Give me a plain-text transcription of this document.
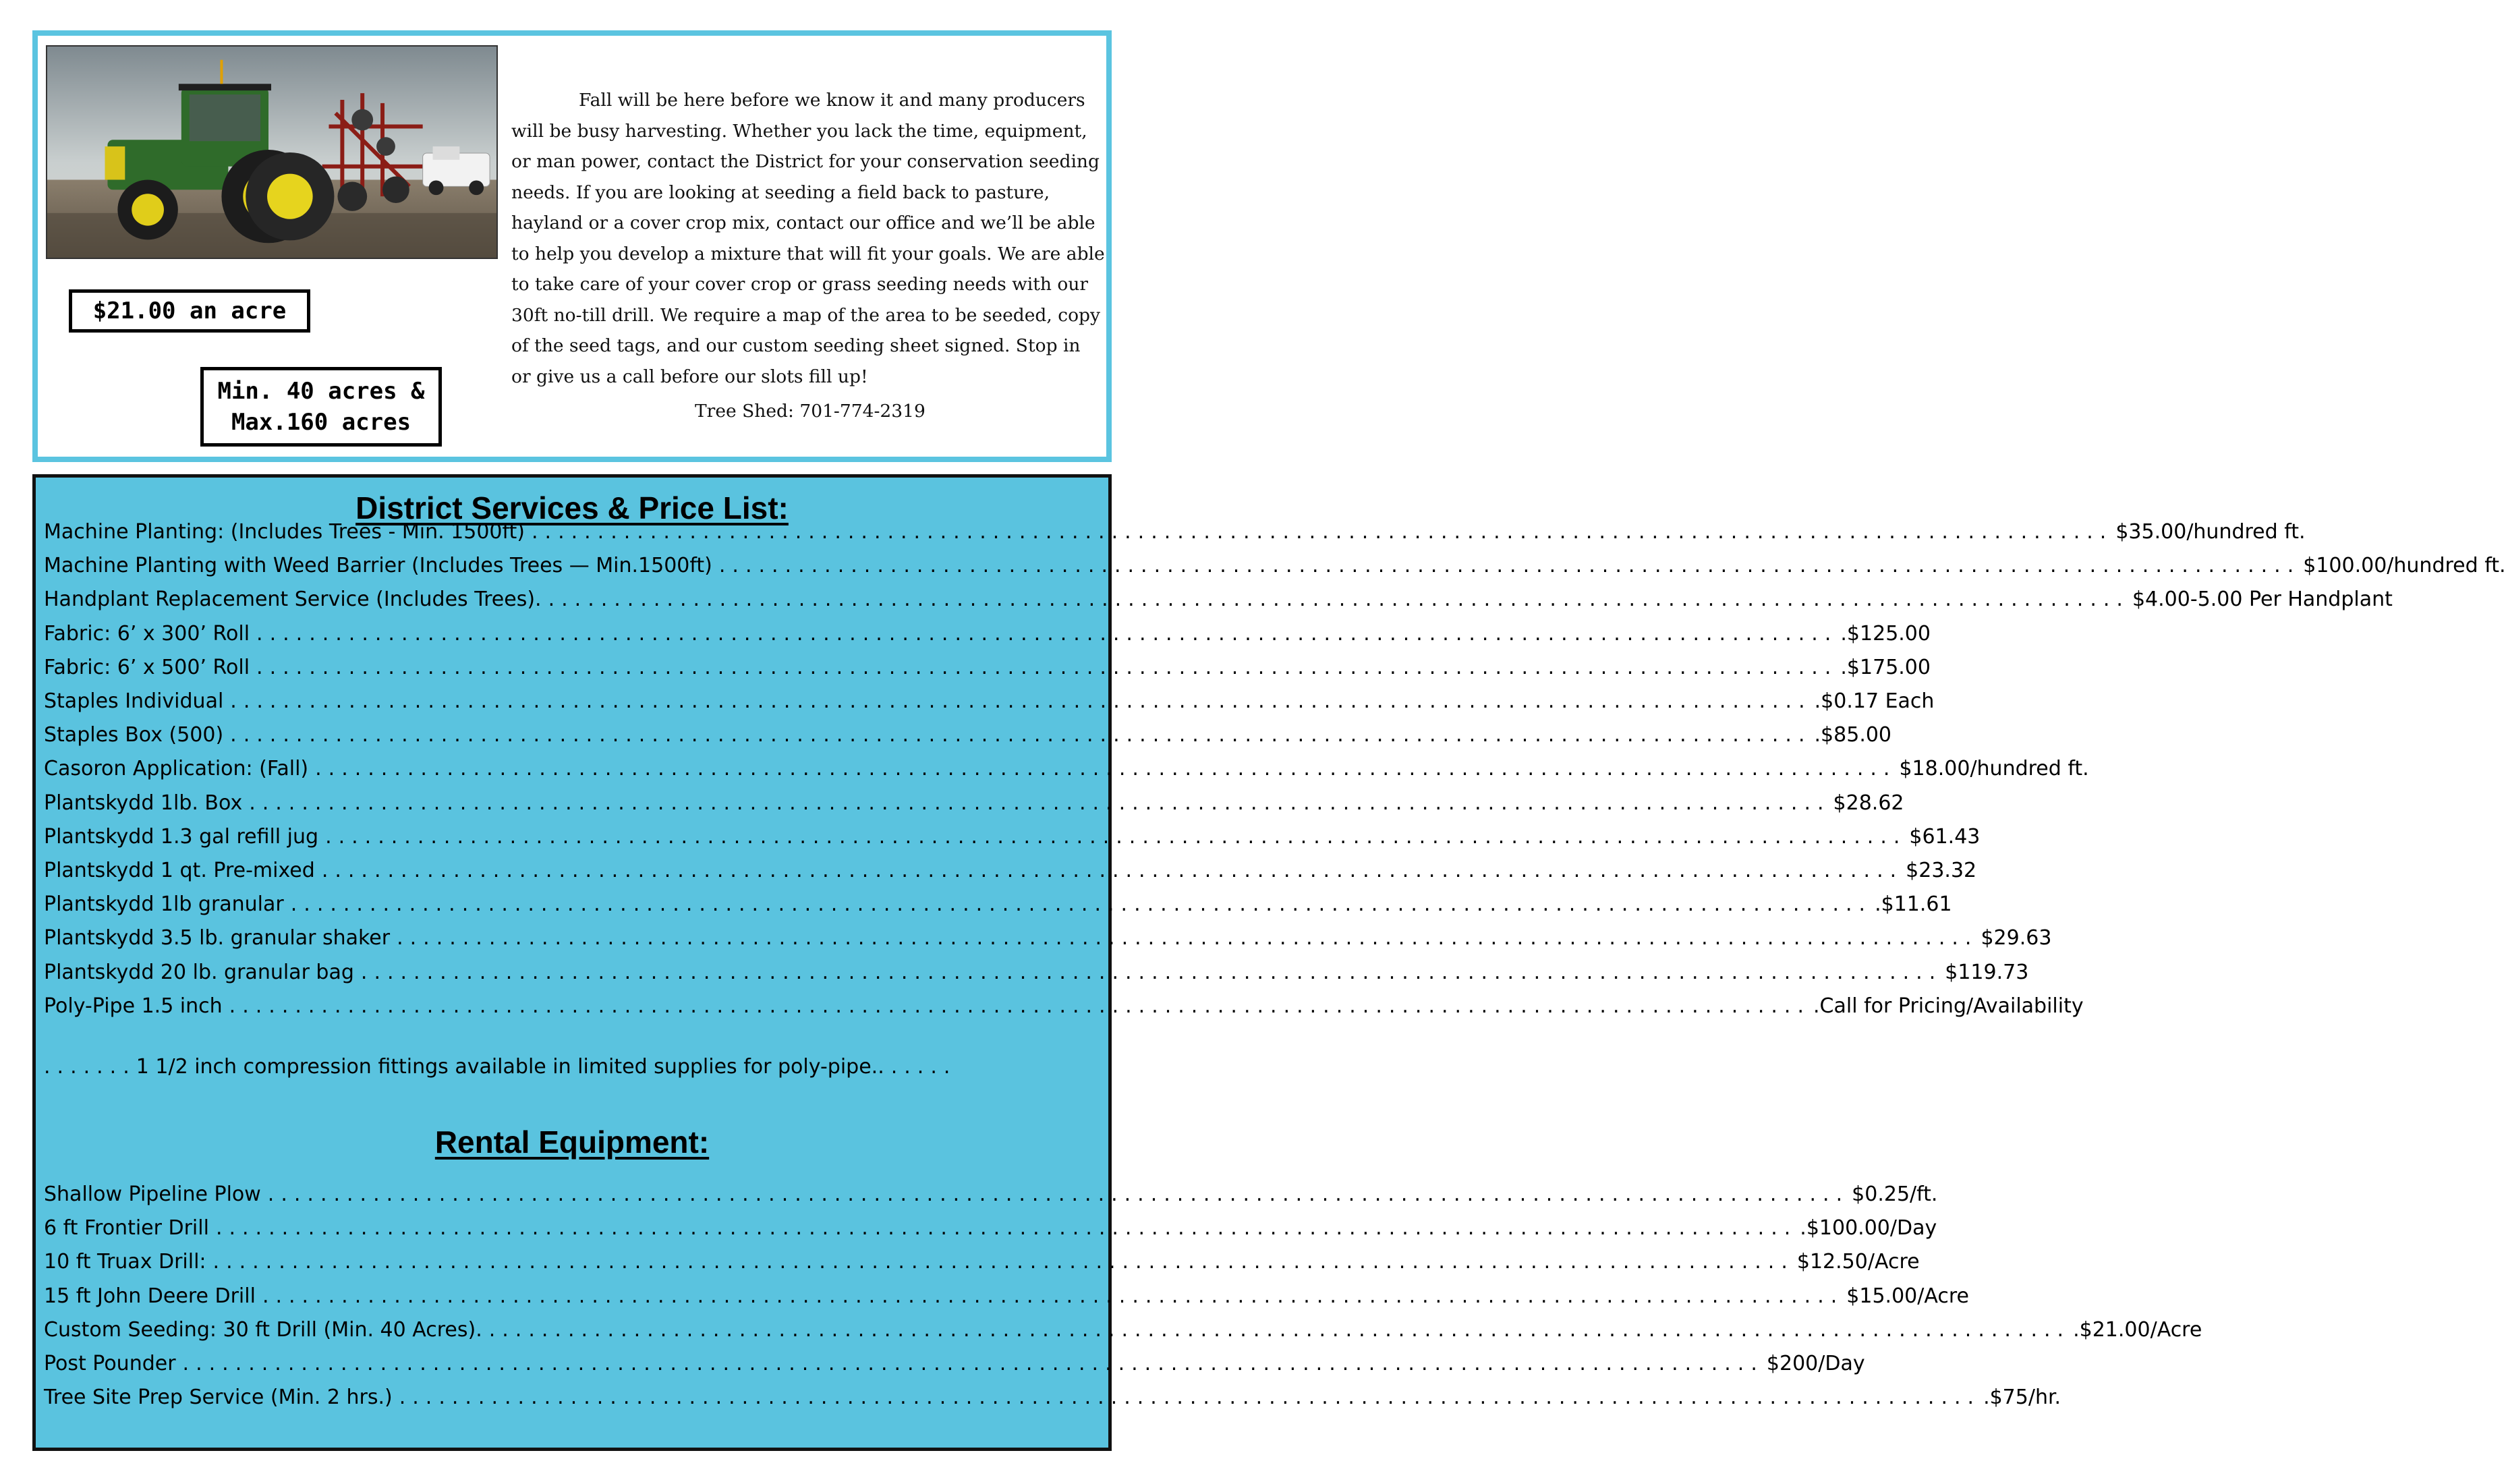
$21.00 an acre
Min. 40 acres &
Max.160 acres

Fall will be here before we know it and many producers will be busy harvesting. Whether you lack the time, equipment, or man power, contact the District for your conservation seeding needs. If you are looking at seeding a field back to pasture, hayland or a cover crop mix, contact our office and we’ll be able to help you develop a mixture that will fit your goals. We are able to take care of your cover crop or grass seeding needs with our 30ft no-till drill. We require a map of the area to be seeded, copy of the seed tags, and our custom seeding sheet signed. Stop in or give us a call before our slots fill up!

Tree Shed: 701-774-2319
District Services & Price List:
Machine Planting: (Includes Trees - Min. 1500ft) ........................................................................................................................ $35.00/hundred ft.
Machine Planting with Weed Barrier (Includes Trees — Min.1500ft) ........................................................................................................................ $100.00/hundred ft.
Handplant Replacement Service (Includes Trees). ........................................................................................................................ $4.00-5.00 Per Handplant
Fabric: 6’ x 300’ Roll ........................................................................................................................ .$125.00
Fabric: 6’ x 500’ Roll ........................................................................................................................ .$175.00
Staples Individual ........................................................................................................................ .$0.17 Each
Staples Box (500) ........................................................................................................................ .$85.00
Casoron Application: (Fall) ........................................................................................................................ $18.00/hundred ft.
Plantskydd 1lb. Box ........................................................................................................................ $28.62
Plantskydd 1.3 gal refill jug ........................................................................................................................ $61.43
Plantskydd 1 qt. Pre-mixed ........................................................................................................................ $23.32
Plantskydd 1lb granular ........................................................................................................................ .$11.61
Plantskydd 3.5 lb. granular shaker ........................................................................................................................ $29.63
Plantskydd 20 lb. granular bag ........................................................................................................................ $119.73
Poly-Pipe 1.5 inch ........................................................................................................................ .Call for Pricing/Availability
....... 1 1/2 inch compression fittings available in limited supplies for poly-pipe. ......
Rental Equipment:
Shallow Pipeline Plow ........................................................................................................................ $0.25/ft.
6 ft Frontier Drill ........................................................................................................................ .$100.00/Day
10 ft Truax Drill: ........................................................................................................................ $12.50/Acre
15 ft John Deere Drill ........................................................................................................................ $15.00/Acre
Custom Seeding: 30 ft Drill (Min. 40 Acres). ........................................................................................................................ .$21.00/Acre
Post Pounder ........................................................................................................................ $200/Day
Tree Site Prep Service (Min. 2 hrs.) ........................................................................................................................ .$75/hr.
